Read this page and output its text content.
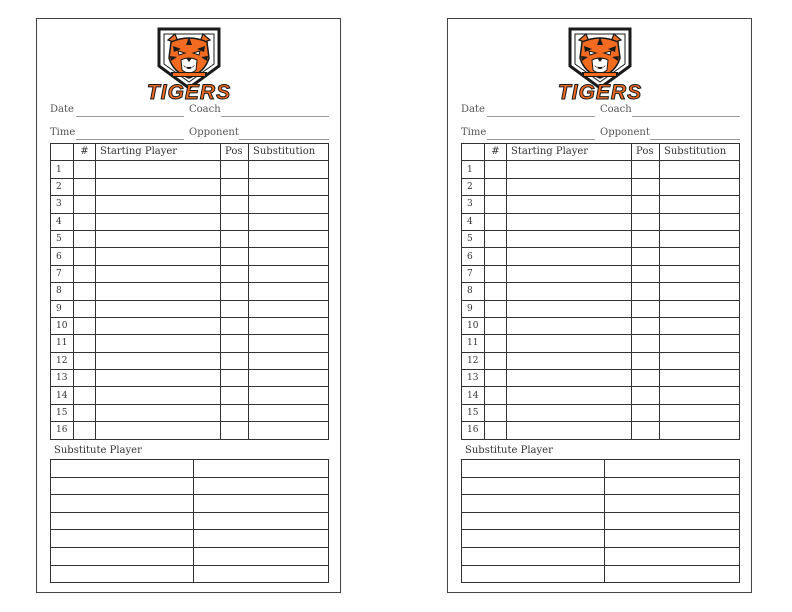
TIGERS
Date	Coach
Time	Opponent
	#	Starting Player	Pos	Substitution
1				
2				
3				
4				
5				
6				
7				
8				
9				
10				
11				
12				
13				
14				
15				
16				
Substitute Player

TIGERS
Date	Coach
Time	Opponent
	#	Starting Player	Pos	Substitution
1				
2				
3				
4				
5				
6				
7				
8				
9				
10				
11				
12				
13				
14				
15				
16				
Substitute Player
